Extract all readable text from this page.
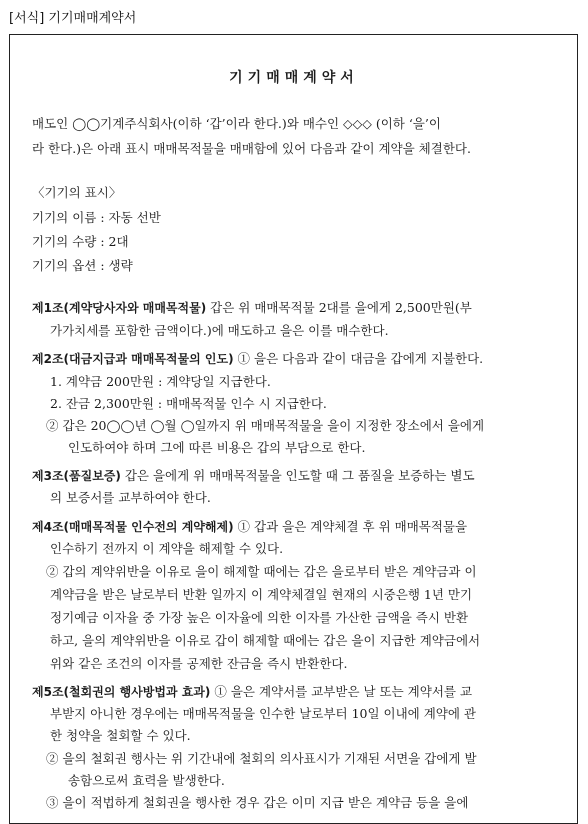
[서식] 기기매매계약서
기기매매계약서
매도인 ◯◯기계주식회사(이하 ‘갑’이라 한다.)와 매수인 ◇◇◇ (이하 ‘을’이
라 한다.)은 아래 표시 매매목적물을 매매함에 있어 다음과 같이 계약을 체결한다.
〈기기의 표시〉
기기의 이름 : 자동 선반
기기의 수량 : 2대
기기의 옵션 : 생략
제1조(계약당사자와 매매목적물) 갑은 위 매매목적물 2대를 을에게 2,500만원(부
가가치세를 포함한 금액이다.)에 매도하고 을은 이를 매수한다.
제2조(대금지급과 매매목적물의 인도) ① 을은 다음과 같이 대금을 갑에게 지불한다.
1. 계약금 200만원 : 계약당일 지급한다.
2. 잔금 2,300만원 : 매매목적물 인수 시 지급한다.
② 갑은 20◯◯년 ◯월 ◯일까지 위 매매목적물을 을이 지정한 장소에서 을에게
인도하여야 하며 그에 따른 비용은 갑의 부담으로 한다.
제3조(품질보증) 갑은 을에게 위 매매목적물을 인도할 때 그 품질을 보증하는 별도
의 보증서를 교부하여야 한다.
제4조(매매목적물 인수전의 계약해제) ① 갑과 을은 계약체결 후 위 매매목적물을
인수하기 전까지 이 계약을 해제할 수 있다.
② 갑의 계약위반을 이유로 을이 해제할 때에는 갑은 을로부터 받은 계약금과 이
계약금을 받은 날로부터 반환 일까지 이 계약체결일 현재의 시중은행 1년 만기
정기예금 이자율 중 가장 높은 이자율에 의한 이자를 가산한 금액을 즉시 반환
하고, 을의 계약위반을 이유로 갑이 해제할 때에는 갑은 을이 지급한 계약금에서
위와 같은 조건의 이자를 공제한 잔금을 즉시 반환한다.
제5조(철회권의 행사방법과 효과) ① 을은 계약서를 교부받은 날 또는 계약서를 교
부받지 아니한 경우에는 매매목적물을 인수한 날로부터 10일 이내에 계약에 관
한 청약을 철회할 수 있다.
② 을의 철회권 행사는 위 기간내에 철회의 의사표시가 기재된 서면을 갑에게 발
송함으로써 효력을 발생한다.
③ 을이 적법하게 철회권을 행사한 경우 갑은 이미 지급 받은 계약금 등을 을에
